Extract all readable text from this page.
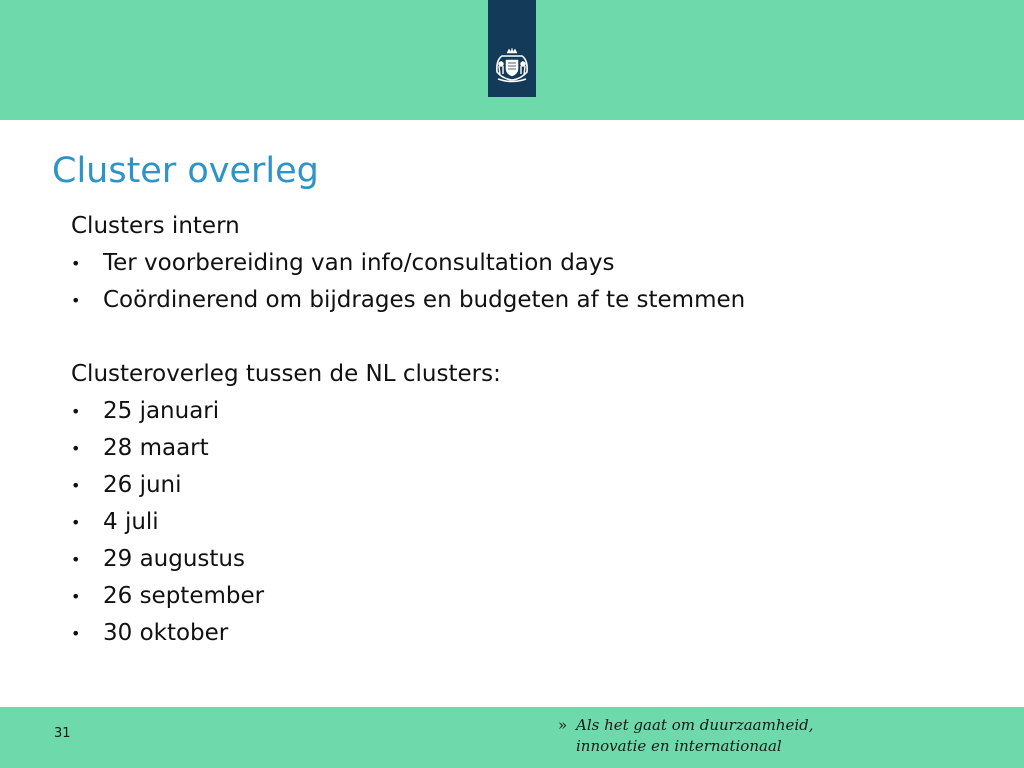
Cluster overleg
Clusters intern
• Ter voorbereiding van info/consultation days
• Coördinerend om bijdrages en budgeten af te stemmen
Clusteroverleg tussen de NL clusters:
• 25 januari
• 28 maart
• 26 juni
• 4 juli
• 29 augustus
• 26 september
• 30 oktober
31	» Als het gaat om duurzaamheid,
innovatie en internationaal
